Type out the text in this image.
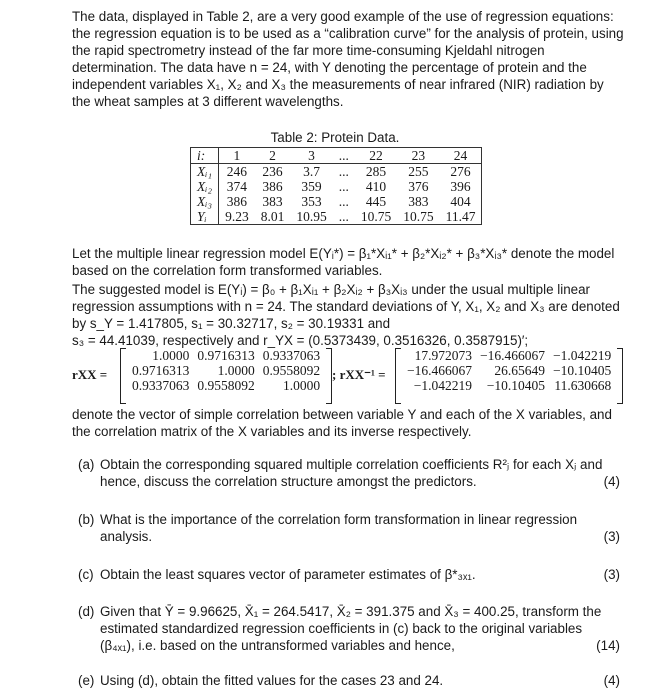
The data, displayed in Table 2, are a very good example of the use of regression equations: the regression equation is to be used as a “calibration curve” for the analysis of protein, using the rapid spectrometry instead of the far more time-consuming Kjeldahl nitrogen determination. The data have n = 24, with Y denoting the percentage of protein and the independent variables X₁, X₂ and X₃ the measurements of near infrared (NIR) radiation by the wheat samples at 3 different wavelengths.
Table 2: Protein Data.
i:	1	2	3	...	22	23	24
Xᵢ₁	246	236	3.7	...	285	255	276
Xᵢ₂	374	386	359	...	410	376	396
Xᵢ₃	386	383	353	...	445	383	404
Yᵢ	9.23	8.01	10.95	...	10.75	10.75	11.47
Let the multiple linear regression model E(Yᵢ*) = β₁*Xᵢ₁* + β₂*Xᵢ₂* + β₃*Xᵢ₃* denote the model based on the correlation form transformed variables.
The suggested model is E(Yᵢ) = β₀ + β₁Xᵢ₁ + β₂Xᵢ₂ + β₃Xᵢ₃ under the usual multiple linear regression assumptions with n = 24. The standard deviations of Y, X₁, X₂ and X₃ are denoted by s_Y = 1.417805, s₁ = 30.32717, s₂ = 30.19331 and
s₃ = 44.41039, respectively and r_YX = (0.5373439, 0.3516326, 0.3587915)′;
rXX =
1.0000	0.9716313	0.9337063
0.9716313	1.0000	0.9558092
0.9337063	0.9558092	1.0000
; rXX⁻¹ =
17.972073	−16.466067	−1.042219
−16.466067	26.65649	−10.10405
−1.042219	−10.10405	11.630668
denote the vector of simple correlation between variable Y and each of the X variables, and the correlation matrix of the X variables and its inverse respectively.
(a) Obtain the corresponding squared multiple correlation coefficients R²ⱼ for each Xⱼ and hence, discuss the correlation structure amongst the predictors.	(4)
(b) What is the importance of the correlation form transformation in linear regression analysis.	(3)
(c) Obtain the least squares vector of parameter estimates of β*₃ₓ₁.	(3)
(d) Given that Ȳ = 9.96625, X̄₁ = 264.5417, X̄₂ = 391.375 and X̄₃ = 400.25, transform the estimated standardized regression coefficients in (c) back to the original variables (β₄ₓ₁), i.e. based on the untransformed variables and hence,	(14)
(e) Using (d), obtain the fitted values for the cases 23 and 24.	(4)
